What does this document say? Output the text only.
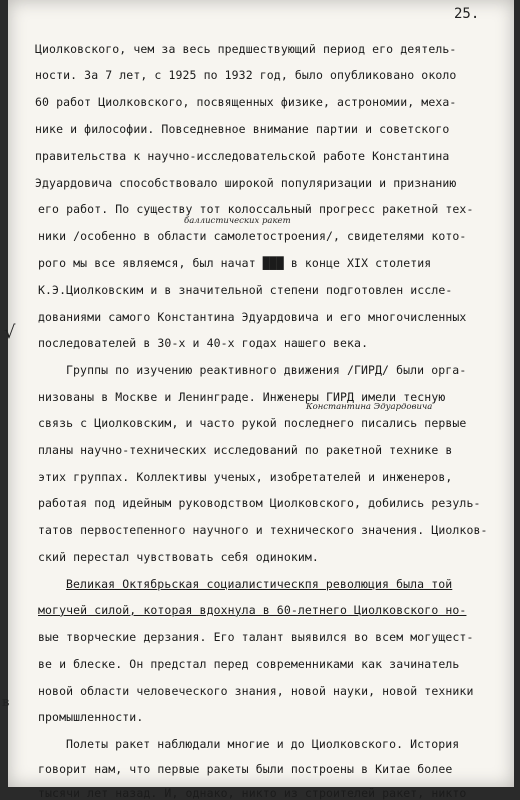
25.
Циолковского, чем за весь предшествующий период его деятель-
ности. За 7 лет, с 1925 по 1932 год, было опубликовано около
60 работ Циолковского, посвященных физике, астрономии, меха-
нике и философии. Повседневное внимание партии и советского
правительства к научно-исследовательской работе Константина
Эдуардовича способствовало широкой популяризации и признанию
его работ. По существу тот колоссальный прогресс ракетной тех-
баллистических ракет
ники /особенно в области самолетостроения/, свидетелями кото-
рого мы все являемся, был начат ███ в конце XIX столетия
К.Э.Циолковским и в значительной степени подготовлен иссле-
дованиями самого Константина Эдуардовича и его многочисленных
последователей в 30-х и 40-х годах нашего века.
√
Группы по изучению реактивного движения /ГИРД/ были орга-
низованы в Москве и Ленинграде. Инженеры ГИРД имели тесную
Константина Эдуардовича
связь с Циолковским, и часто рукой последнего писались первые
планы научно-технических исследований по ракетной технике в
этих группах. Коллективы ученых, изобретателей и инженеров,
работая под идейным руководством Циолковского, добились резуль-
татов первостепенного научного и технического значения. Циолков-
ский перестал чувствовать себя одиноким.
Великая Октябрьская социалистическпя революция была той
могучей силой, которая вдохнула в 60-летнего Циолковского но-
вые творческие дерзания. Его талант выявился во всем могущест-
ве и блеске. Он предстал перед современниками как зачинатель
новой области человеческого знания, новой науки, новой техники
промышленности.
в
Полеты ракет наблюдали многие и до Циолковского. История
говорит нам, что первые ракеты были построены в Китае более
тысячи лет назад. И, однако, никто из строителей ракет, никто
